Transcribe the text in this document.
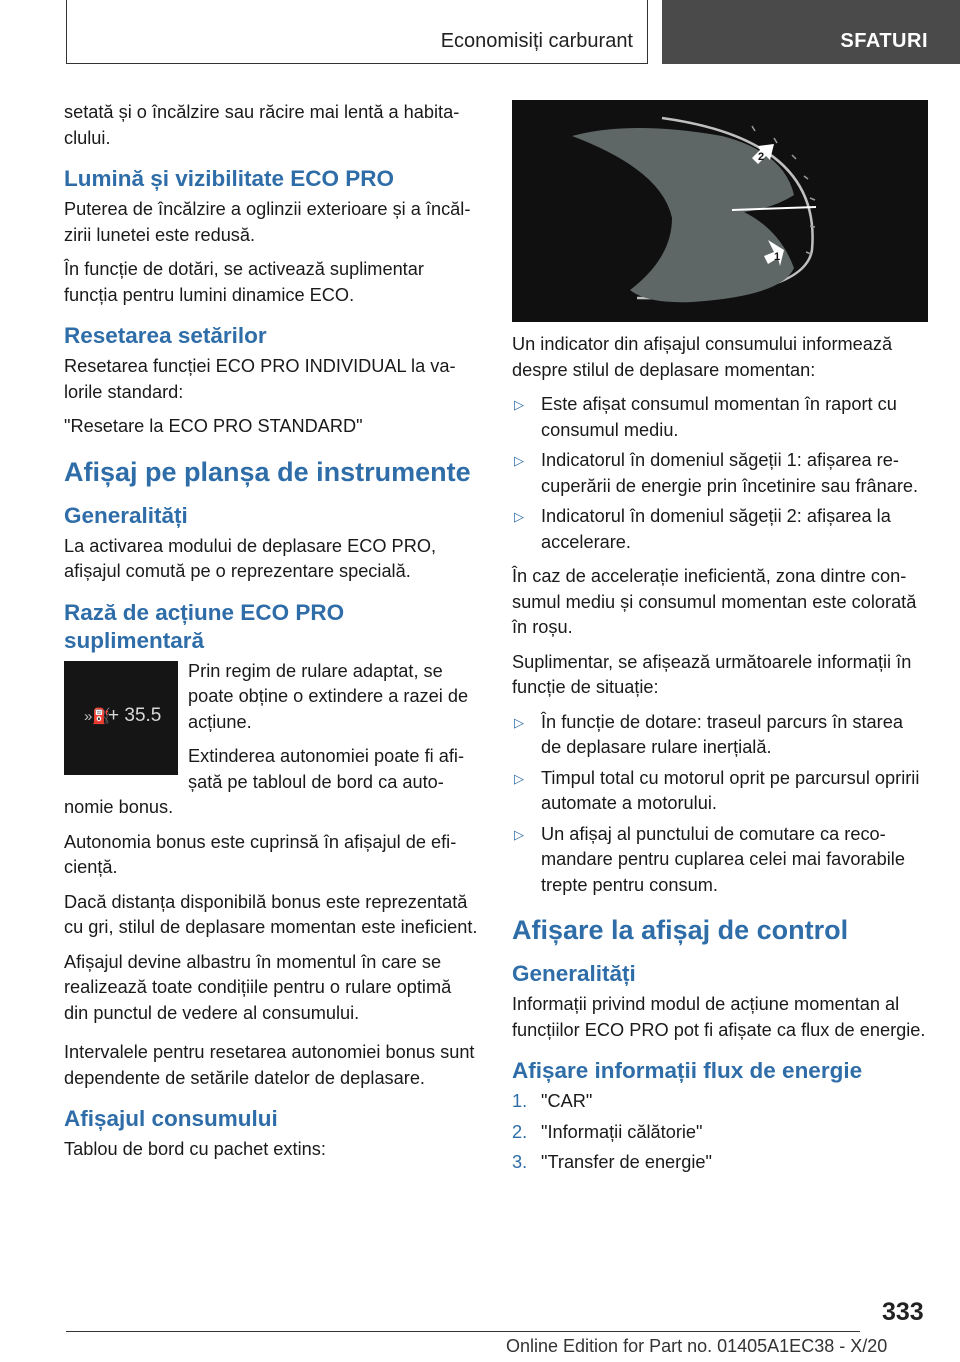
Economisiți carburant	SFATURI

setată și o încălzire sau răcire mai lentă a habitaclului.

Lumină și vizibilitate ECO PRO

Puterea de încălzire a oglinzii exterioare și a încălzirii lunetei este redusă.

În funcție de dotări, se activează suplimentar funcția pentru lumini dinamice ECO.

Resetarea setărilor

Resetarea funcției ECO PRO INDIVIDUAL la valorile standard:

"Resetare la ECO PRO STANDARD"

Afișaj pe planșa de instrumente
Generalități

La activarea modului de deplasare ECO PRO, afișajul comută pe o reprezentare specială.

Rază de acțiune ECO PRO suplimentară
»⛽
+ 35.5

Prin regim de rulare adaptat, se poate obține o extindere a razei de acțiune.

Extinderea autonomiei poate fi afișată pe tabloul de bord ca autonomie bonus.

Autonomia bonus este cuprinsă în afișajul de eficiență.

Dacă distanța disponibilă bonus este reprezentată cu gri, stilul de deplasare momentan este ineficient.

Afișajul devine albastru în momentul în care se realizează toate condițiile pentru o rulare optimă din punctul de vedere al consumului.

Intervalele pentru resetarea autonomiei bonus sunt dependente de setările datelor de deplasare.

Afișajul consumului

Tablou de bord cu pachet extins:

2
1

Un indicator din afișajul consumului informează despre stilul de deplasare momentan:

▷ Este afișat consumul momentan în raport cu consumul mediu.
▷ Indicatorul în domeniul săgeții 1: afișarea recuperării de energie prin încetinire sau frânare.
▷ Indicatorul în domeniul săgeții 2: afișarea la accelerare.

În caz de accelerație ineficientă, zona dintre consumul mediu și consumul momentan este colorată în roșu.

Suplimentar, se afișează următoarele informații în funcție de situație:

▷ În funcție de dotare: traseul parcurs în starea de deplasare rulare inerțială.
▷ Timpul total cu motorul oprit pe parcursul opririi automate a motorului.
▷ Un afișaj al punctului de comutare ca recomandare pentru cuplarea celei mai favorabile trepte pentru consum.
Afișare la afișaj de control
Generalități

Informații privind modul de acțiune momentan al funcțiilor ECO PRO pot fi afișate ca flux de energie.

Afișare informații flux de energie
1. "CAR"
2. "Informații călătorie"
3. "Transfer de energie"
333
Online Edition for Part no. 01405A1EC38 - X/20
